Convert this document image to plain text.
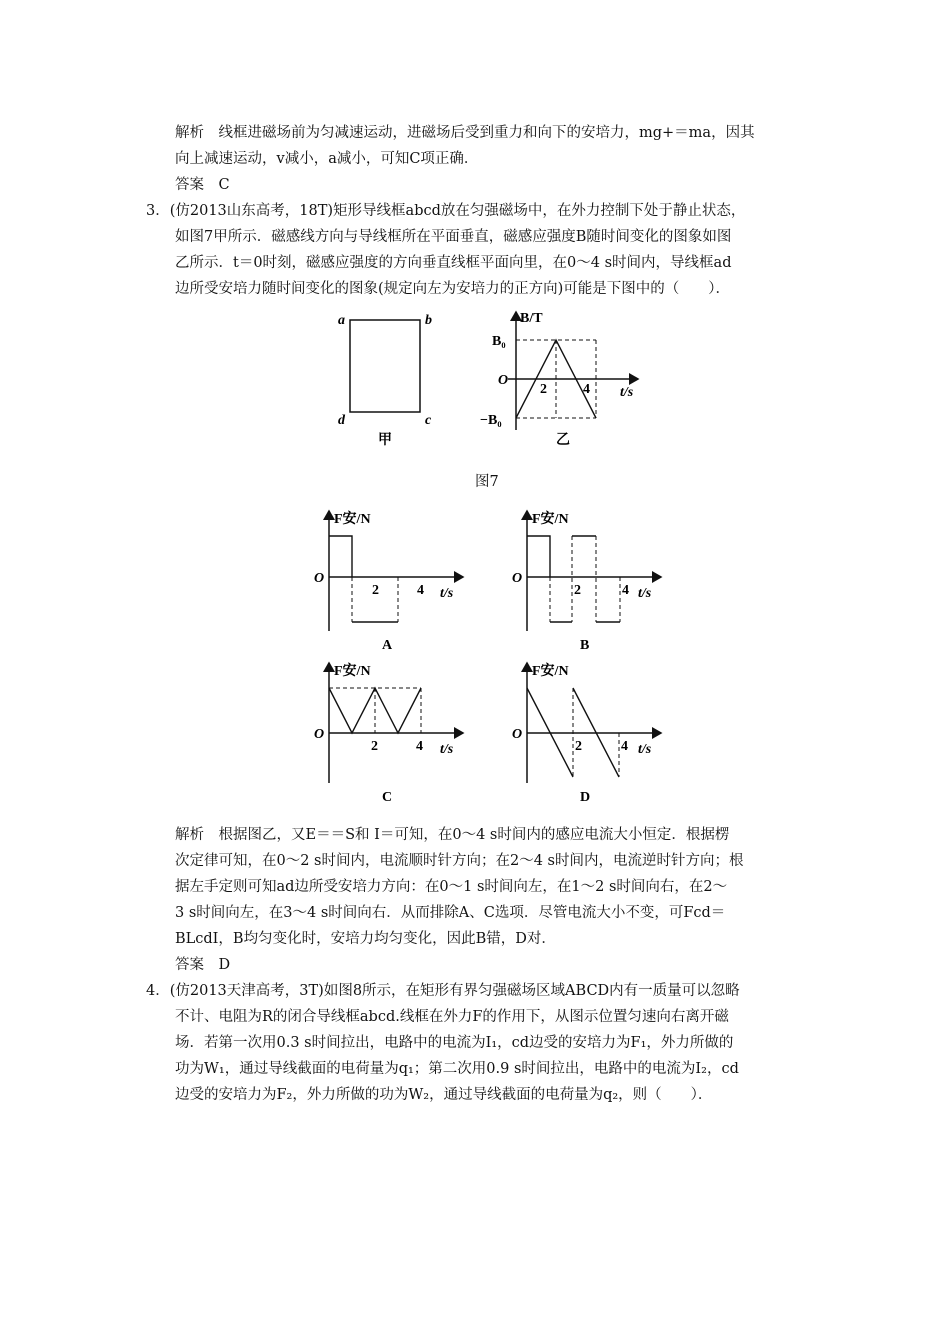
解析　线框进磁场前为匀减速运动，进磁场后受到重力和向下的安培力，mg+＝ma，因其
向上减速运动，v减小，a减小，可知C项正确．
答案　C
3．(仿2013山东高考，18T)矩形导线框abcd放在匀强磁场中，在外力控制下处于静止状态，
如图7甲所示．磁感线方向与导线框所在平面垂直，磁感应强度B随时间变化的图象如图
乙所示．t＝0时刻，磁感应强度的方向垂直线框平面向里，在0～4 s时间内，导线框ad
边所受安培力随时间变化的图象(规定向左为安培力的正方向)可能是下图中的（　　）．
a	b
d	c
甲
B/T
B₀
O
2	4 t/s
−B₀
乙
图7
F安/N
O
2	4 t/s
A
F安/N
O
2	4 t/s
B
F安/N
O
2	4 t/s
C
F安/N
O
2	4 t/s
D
解析　根据图乙，又E＝＝S和 I＝可知，在0～4 s时间内的感应电流大小恒定．根据楞
次定律可知，在0～2 s时间内，电流顺时针方向；在2～4 s时间内，电流逆时针方向；根
据左手定则可知ad边所受安培力方向：在0～1 s时间向左，在1～2 s时间向右，在2～
3 s时间向左，在3～4 s时间向右．从而排除A、C选项．尽管电流大小不变，可Fcd＝
BLcdI，B均匀变化时，安培力均匀变化，因此B错，D对．
答案　D
4．(仿2013天津高考，3T)如图8所示，在矩形有界匀强磁场区域ABCD内有一质量可以忽略
不计、电阻为R的闭合导线框abcd.线框在外力F的作用下，从图示位置匀速向右离开磁
场．若第一次用0.3 s时间拉出，电路中的电流为I₁，cd边受的安培力为F₁，外力所做的
功为W₁，通过导线截面的电荷量为q₁；第二次用0.9 s时间拉出，电路中的电流为I₂，cd
边受的安培力为F₂，外力所做的功为W₂，通过导线截面的电荷量为q₂，则（　　）．
